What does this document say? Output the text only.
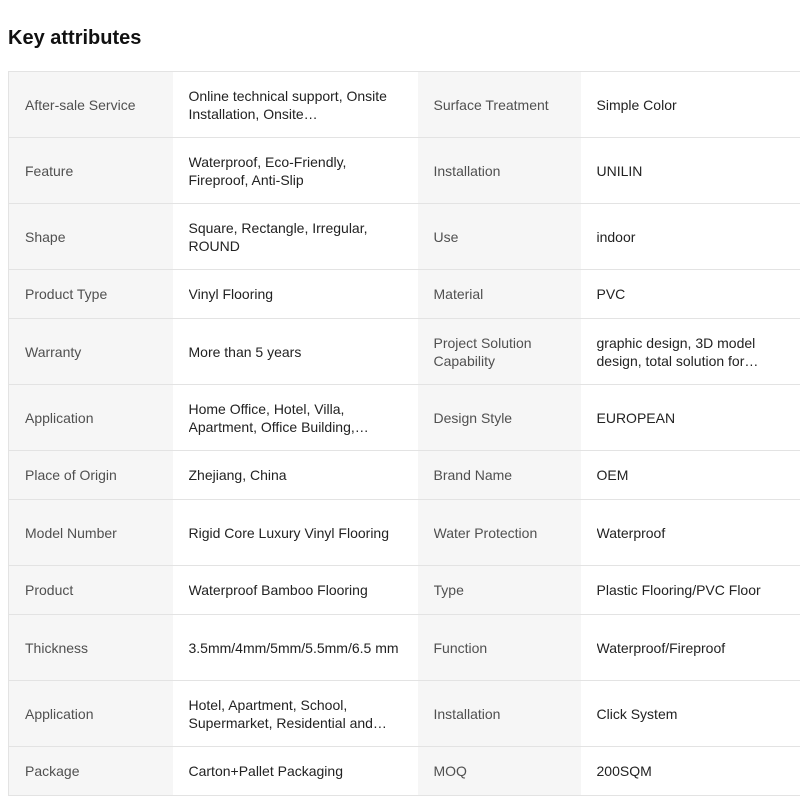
Key attributes
After-sale Service	Online technical support, Onsite Installation, Onsite…	Surface Treatment	Simple Color

Feature	Waterproof, Eco-Friendly, Fireproof, Anti-Slip	Installation	UNILIN

Shape	Square, Rectangle, Irregular, ROUND	Use	indoor

Product Type	Vinyl Flooring	Material	PVC

Warranty	More than 5 years	Project Solution Capability	graphic design, 3D model design, total solution for…

Application	Home Office, Hotel, Villa, Apartment, Office Building,…	Design Style	EUROPEAN

Place of Origin	Zhejiang, China	Brand Name	OEM

Model Number	Rigid Core Luxury Vinyl Flooring	Water Protection	Waterproof

Product	Waterproof Bamboo Flooring	Type	Plastic Flooring/PVC Floor

Thickness	3.5mm/4mm/5mm/5.5mm/6.5 mm	Function	Waterproof/Fireproof

Application	Hotel, Apartment, School, Supermarket, Residential and…	Installation	Click System

Package	Carton+Pallet Packaging	MOQ	200SQM
